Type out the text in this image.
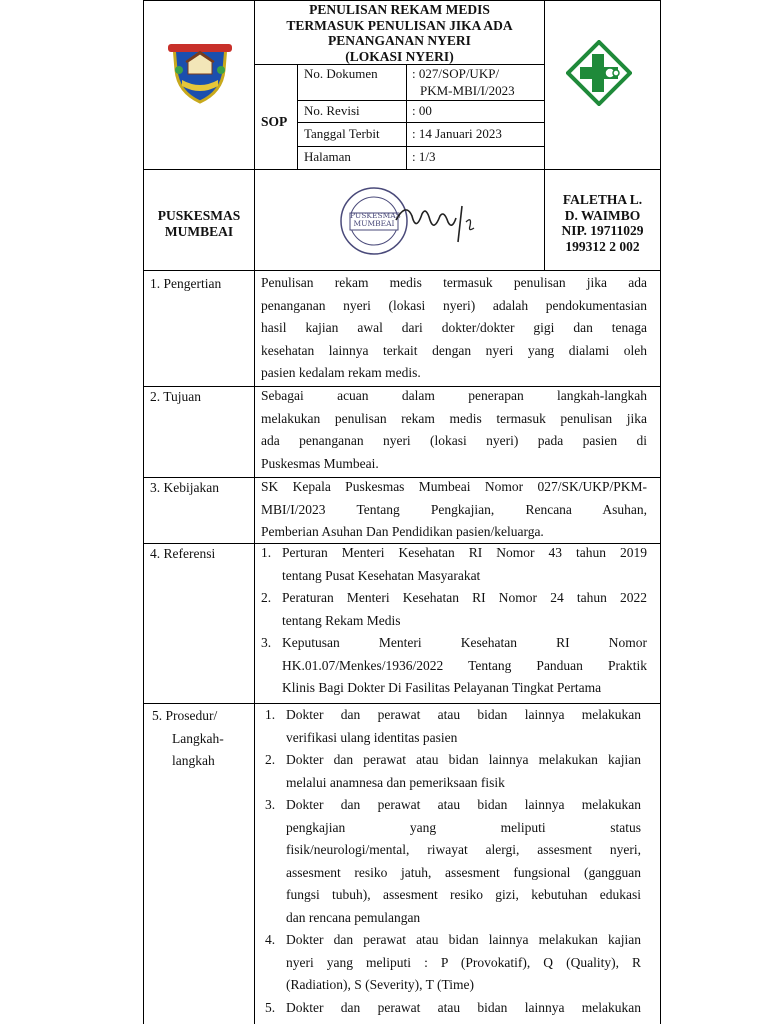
PENULISAN REKAM MEDIS
TERMASUK PENULISAN JIKA ADA
PENANGANAN NYERI
(LOKASI NYERI)
SOP
No. Dokumen	: 027/SOP/UKP/
PKM-MBI/I/2023
No. Revisi	: 00
Tanggal Terbit : 14 Januari 2023
Halaman	: 1/3
PUSKESMAS
MUMBEAI
PUSKESMAS
MUMBEAI
FALETHA L.
D. WAIMBO
NIP. 19711029
199312 2 002
1. Pengertian	Penulisan rekam medis termasuk penulisan jika ada
penanganan nyeri (lokasi nyeri) adalah pendokumentasian
hasil kajian awal dari dokter/dokter gigi dan tenaga
kesehatan lainnya terkait dengan nyeri yang dialami oleh
pasien kedalam rekam medis.
2. Tujuan	Sebagai acuan dalam penerapan langkah-langkah
melakukan penulisan rekam medis termasuk penulisan jika
ada penanganan nyeri (lokasi nyeri) pada pasien di
Puskesmas Mumbeai.
3. Kebijakan	SK Kepala Puskesmas Mumbeai Nomor 027/SK/UKP/PKM-
MBI/I/2023 Tentang Pengkajian, Rencana Asuhan,
Pemberian Asuhan Dan Pendidikan pasien/keluarga.
4. Referensi	1. Perturan Menteri Kesehatan RI Nomor 43 tahun 2019
tentang Pusat Kesehatan Masyarakat
2. Peraturan Menteri Kesehatan RI Nomor 24 tahun 2022
tentang Rekam Medis
3. Keputusan Menteri Kesehatan RI Nomor
HK.01.07/Menkes/1936/2022 Tentang Panduan Praktik
Klinis Bagi Dokter Di Fasilitas Pelayanan Tingkat Pertama
5. Prosedur/
Langkah-
langkah
1. Dokter dan perawat atau bidan lainnya melakukan
verifikasi ulang identitas pasien
2. Dokter dan perawat atau bidan lainnya melakukan kajian
melalui anamnesa dan pemeriksaan fisik
3. Dokter dan perawat atau bidan lainnya melakukan
pengkajian yang meliputi status
fisik/neurologi/mental, riwayat alergi, assesment nyeri,
assesment resiko jatuh, assesment fungsional (gangguan
fungsi tubuh), assesment resiko gizi, kebutuhan edukasi
dan rencana pemulangan
4. Dokter dan perawat atau bidan lainnya melakukan kajian
nyeri yang meliputi : P (Provokatif), Q (Quality), R
(Radiation), S (Severity), T (Time)
5. Dokter dan perawat atau bidan lainnya melakukan
